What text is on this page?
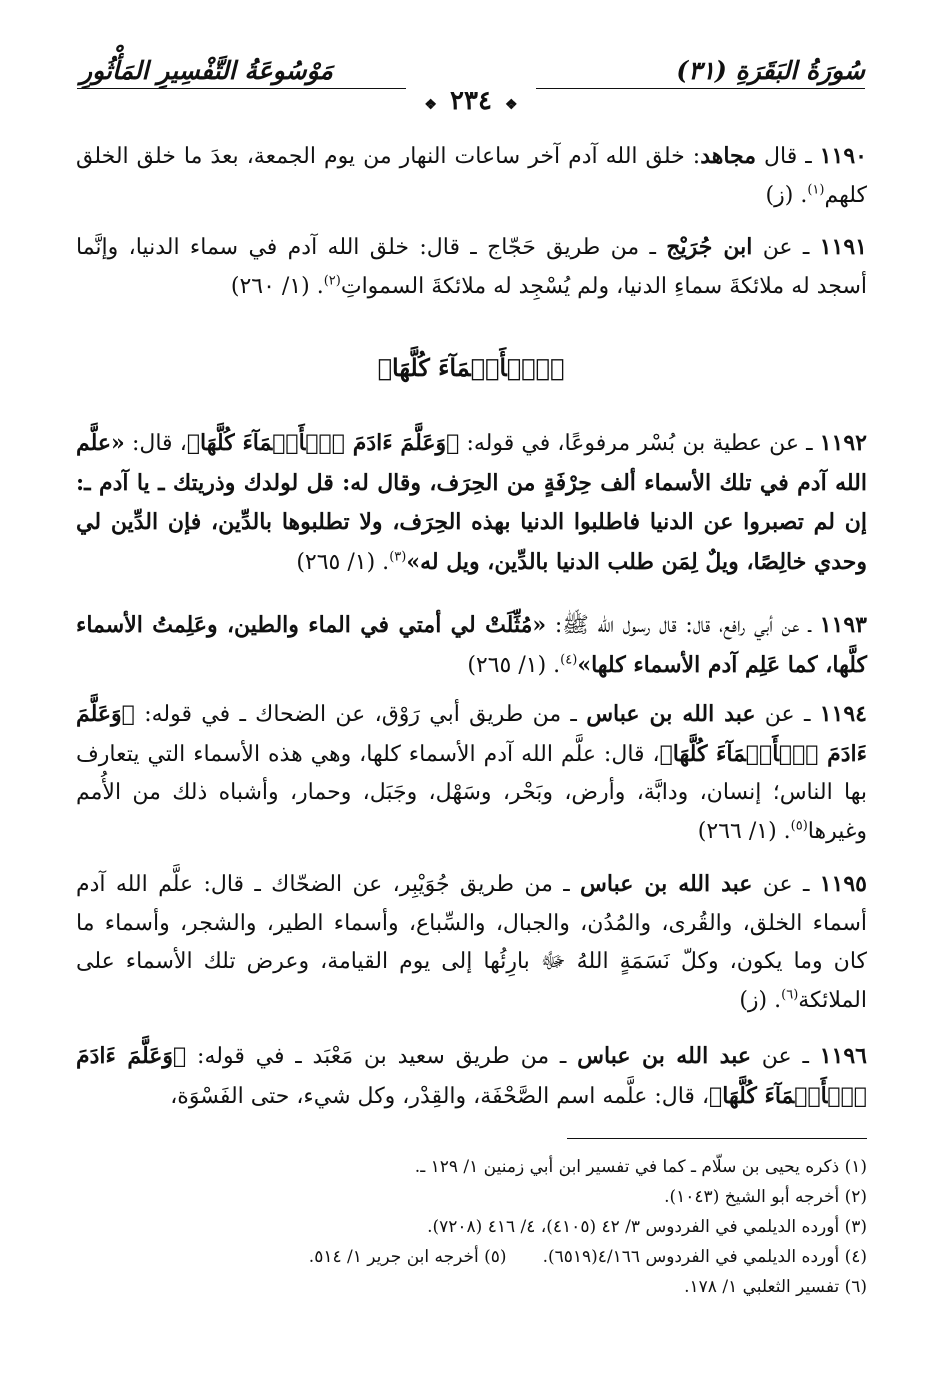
مَوْسُوعَةُ التَّفْسِيرِ المَأْثُورِ	سُورَةُ البَقَرَةِ (٣١)
❖ ٢٣٤ ❖
١١٩٠ ـ قال مجاهد: خلق الله آدم آخر ساعات النهار من يوم الجمعة، بعدَ ما خلق الخلق كلهم$^{(١)}$. (ز)
١١٩١ ـ عن ابن جُرَيْج ـ من طريق حَجّاج ـ قال: خلق الله آدم في سماء الدنيا، وإنَّما أسجد له ملائكةَ سماءِ الدنيا، ولم يُسْجِد له ملائكةَ السمواتِ$^{(٢)}$. (١/ ٢٦٠)
﴿ٱلۡأَسۡمَآءَ كُلَّهَا﴾
١١٩٢ ـ عن عطية بن بُسْر مرفوعًا، في قوله: ﴿وَعَلَّمَ ءَادَمَ ٱلۡأَسۡمَآءَ كُلَّهَا﴾، قال: «علَّم الله آدم في تلك الأسماء ألف حِرْفَةٍ من الحِرَف، وقال له: قل لولدك وذريتك ـ يا آدم ـ: إن لم تصبروا عن الدنيا فاطلبوا الدنيا بهذه الحِرَف، ولا تطلبوها بالدِّين، فإن الدِّين لي وحدي خالِصًا، ويلٌ لِمَن طلب الدنيا بالدِّين، ويل له»$^{(٣)}$. (١/ ٢٦٥)
١١٩٣ ـ عن أبي رافع، قال: قال رسول الله ﷺ: «مُثِّلَتْ لي أمتي في الماء والطين، وعَلِمتُ الأسماء كلَّها، كما عَلِم آدم الأسماء كلها»$^{(٤)}$. (١/ ٢٦٥)
١١٩٤ ـ عن عبد الله بن عباس ـ من طريق أبي رَوْق، عن الضحاك ـ في قوله: ﴿وَعَلَّمَ ءَادَمَ ٱلۡأَسۡمَآءَ كُلَّهَا﴾، قال: علَّم الله آدم الأسماء كلها، وهي هذه الأسماء التي يتعارف بها الناس؛ إنسان، ودابَّة، وأرض، وبَحْر، وسَهْل، وجَبَل، وحمار، وأشباه ذلك من الأُمم وغيرها$^{(٥)}$. (١/ ٢٦٦)
١١٩٥ ـ عن عبد الله بن عباس ـ من طريق جُوَيْبِر، عن الضحّاك ـ قال: علَّم الله آدم أسماء الخلق، والقُرى، والمُدُن، والجبال، والسِّباع، وأسماء الطير، والشجر، وأسماء ما كان وما يكون، وكلّ نَسَمَةٍ اللهُ ﷻ بارِئُها إلى يوم القيامة، وعرض تلك الأسماء على الملائكة$^{(٦)}$. (ز)
١١٩٦ ـ عن عبد الله بن عباس ـ من طريق سعيد بن مَعْبَد ـ في قوله: ﴿وَعَلَّمَ ءَادَمَ ٱلۡأَسۡمَآءَ كُلَّهَا﴾، قال: علَّمه اسم الصَّحْفَة، والقِدْر، وكل شيء، حتى الفَسْوَة،
(١) ذكره يحيى بن سلّام ـ كما في تفسير ابن أبي زمنين ١/ ١٢٩ ـ.
(٢) أخرجه أبو الشيخ (١٠٤٣).
(٣) أورده الديلمي في الفردوس ٣/ ٤٢ (٤١٠٥)، ٤/ ٤١٦ (٧٢٠٨).
(٤) أورده الديلمي في الفردوس ٤/١٦٦(٦٥١٩).(٥) أخرجه ابن جرير ١/ ٥١٤.
(٦) تفسير الثعلبي ١/ ١٧٨.
